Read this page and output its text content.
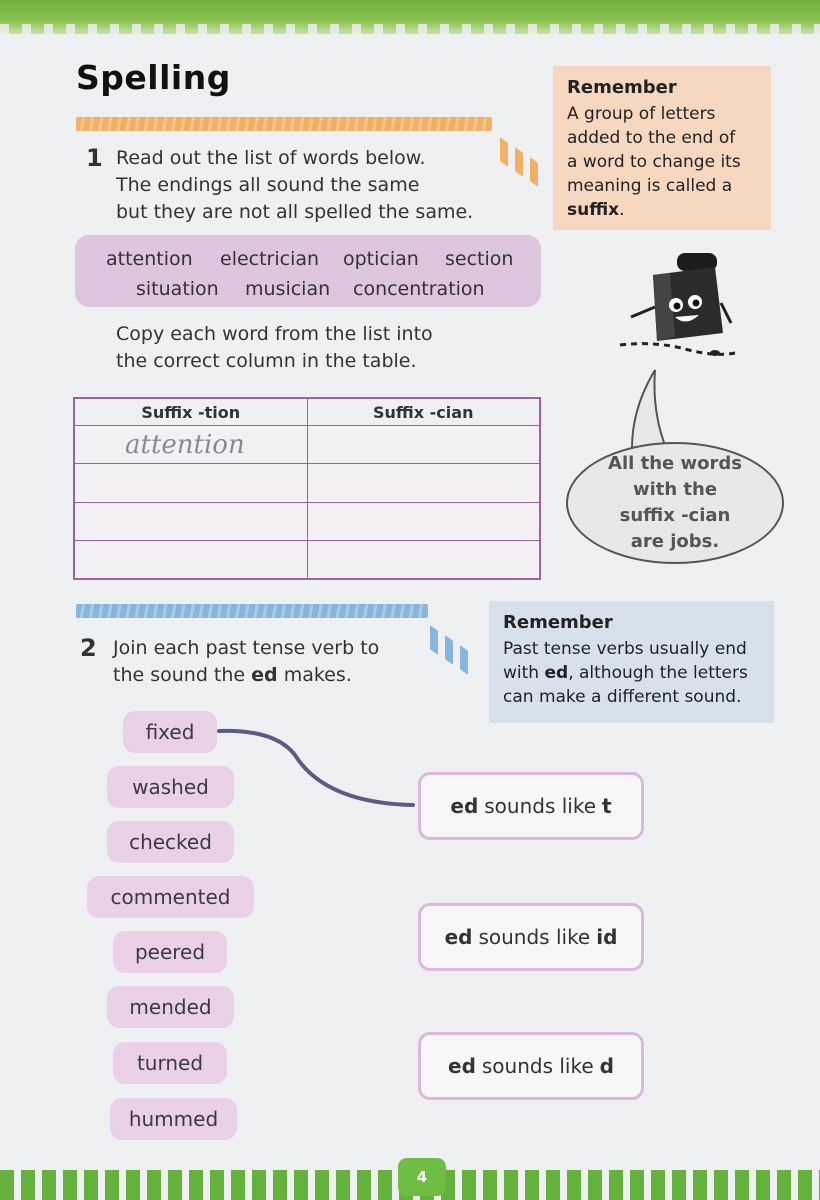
Spelling	Remember
A group of letters
added to the end of
a word to change its
meaning is called a
suffix.
1 Read out the list of words below.
The endings all sound the same
but they are not all spelled the same.
attention electrician optician section
situation musician concentration
Copy each word from the list into
the correct column in the table.
Suffix -tion	Suffix -cian
attention	

All the words
with the
suffix -cian
are jobs.
2 Join each past tense verb to
the sound the ed makes.
Remember
Past tense verbs usually end
with ed, although the letters
can make a different sound.
fixed
washed
checked
commented
peered
mended
turned
hummed
ed sounds like t
ed sounds like id
ed sounds like d
4
